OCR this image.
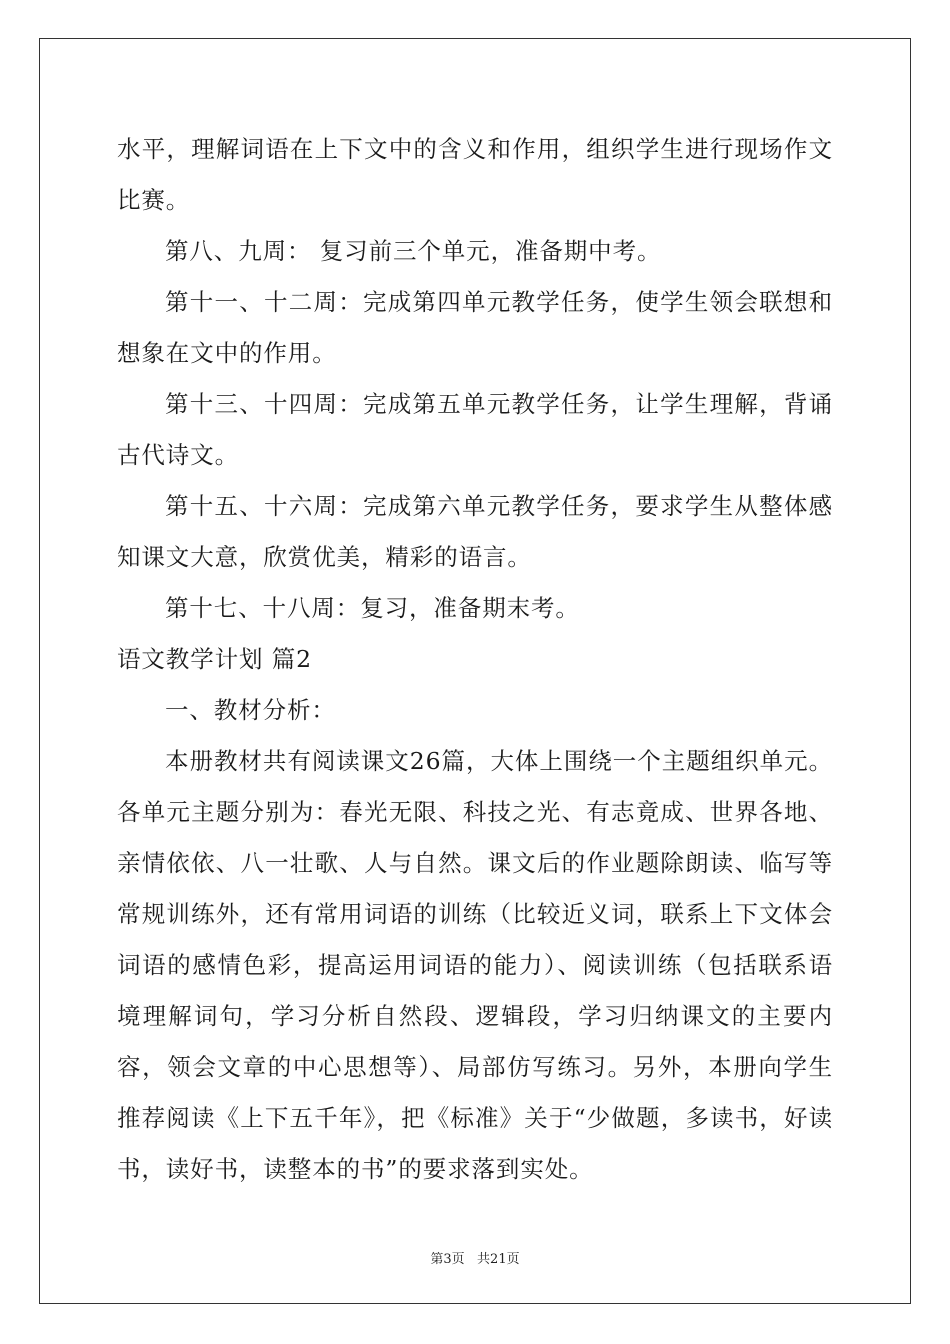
水平，理解词语在上下文中的含义和作用，组织学生进行现场作文比赛。

第八、九周： 复习前三个单元，准备期中考。

第十一、十二周：完成第四单元教学任务，使学生领会联想和想象在文中的作用。

第十三、十四周：完成第五单元教学任务，让学生理解，背诵古代诗文。

第十五、十六周：完成第六单元教学任务，要求学生从整体感知课文大意，欣赏优美，精彩的语言。

第十七、十八周：复习，准备期末考。

语文教学计划 篇2

一、教材分析：

本册教材共有阅读课文26篇，大体上围绕一个主题组织单元。各单元主题分别为：春光无限、科技之光、有志竟成、世界各地、亲情依依、八一壮歌、人与自然。课文后的作业题除朗读、临写等常规训练外，还有常用词语的训练（比较近义词，联系上下文体会词语的感情色彩，提高运用词语的能力）、阅读训练（包括联系语境理解词句，学习分析自然段、逻辑段，学习归纳课文的主要内容，领会文章的中心思想等）、局部仿写练习。另外，本册向学生推荐阅读《上下五千年》，把《标准》关于“少做题，多读书，好读书，读好书，读整本的书”的要求落到实处。

第3页   共21页
